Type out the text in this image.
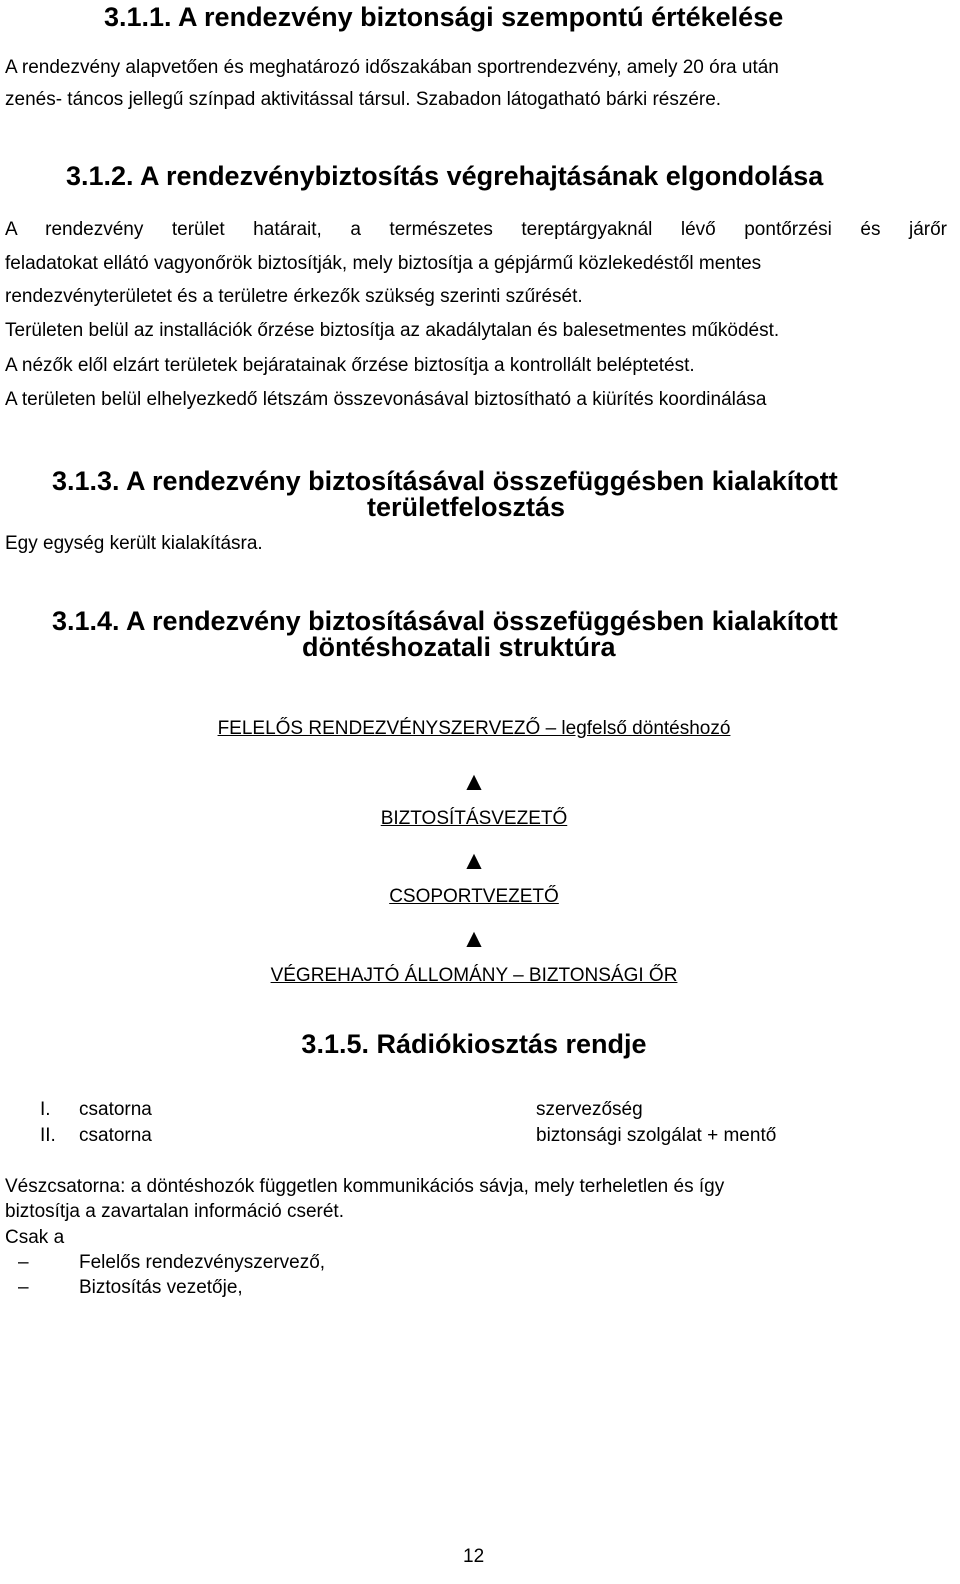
3.1.1. A rendezvény biztonsági szempontú értékelése
A rendezvény alapvetően és meghatározó időszakában sportrendezvény, amely 20 óra után
zenés- táncos jellegű színpad aktivitással társul. Szabadon látogatható bárki részére.
3.1.2. A rendezvénybiztosítás végrehajtásának elgondolása
A rendezvény terület határait, a természetes tereptárgyaknál lévő pontőrzési és járőr
feladatokat ellátó vagyonőrök biztosítják, mely biztosítja a gépjármű közlekedéstől mentes
rendezvényterületet és a területre érkezők szükség szerinti szűrését.
Területen belül az installációk őrzése biztosítja az akadálytalan és balesetmentes működést.
A nézők elől elzárt területek bejáratainak őrzése biztosítja a kontrollált beléptetést.
A területen belül elhelyezkedő létszám összevonásával biztosítható a kiürítés koordinálása
3.1.3. A rendezvény biztosításával összefüggésben kialakított
területfelosztás
Egy egység került kialakításra.
3.1.4. A rendezvény biztosításával összefüggésben kialakított
döntéshozatali struktúra
FELELŐS RENDEZVÉNYSZERVEZŐ – legfelső döntéshozó
▲
BIZTOSÍTÁSVEZETŐ
▲
CSOPORTVEZETŐ
▲
VÉGREHAJTÓ ÁLLOMÁNY – BIZTONSÁGI ŐR
3.1.5. Rádiókiosztás rendje
I. csatorna	szervezőség
II. csatorna	biztonsági szolgálat + mentő
Vészcsatorna: a döntéshozók független kommunikációs sávja, mely terheletlen és így
biztosítja a zavartalan információ cserét.
Csak a
–	Felelős rendezvényszervező,
–	Biztosítás vezetője,
12
